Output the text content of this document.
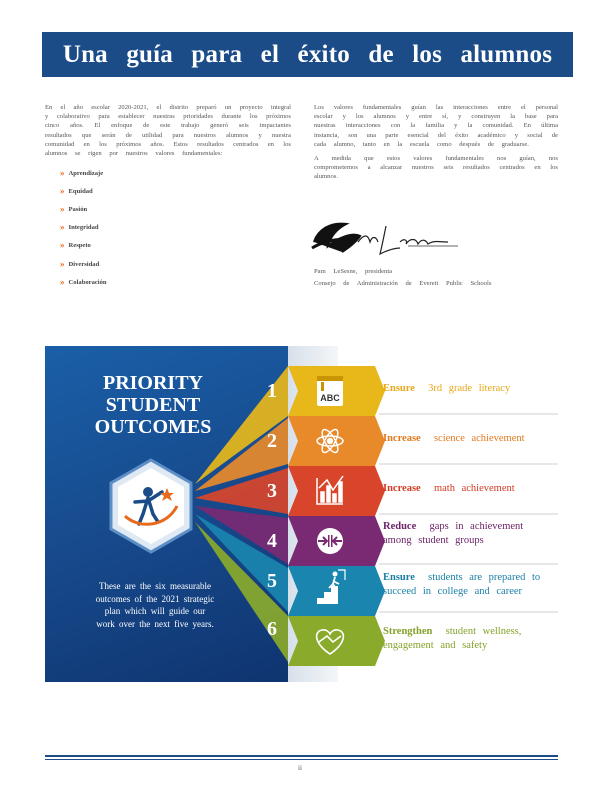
Una guía para el éxito de los alumnos

En el año escolar 2020-2021, el distrito preparó un proyecto integral y colaborativo para establecer nuestras prioridades durante los próximos cinco años. El enfoque de este trabajo generó seis impactantes resultados que serán de utilidad para nuestros alumnos y nuestra comunidad en los próximos años. Estos resultados centrados en los alumnos se rigen por nuestros valores fundamentales:

» Aprendizaje
» Equidad
» Pasión
» Integridad
» Respeto
» Diversidad
» Colaboración

Los valores fundamentales guían las interacciones entre el personal escolar y los alumnos y entre sí, y construyen la base para nuestras interacciones con la familia y la comunidad. En última instancia, son una parte esencial del éxito académico y social de cada alumno, tanto en la escuela como después de graduarse.

A medida que estos valores fundamentales nos guían, nos comprometemos a alcanzar nuestros seis resultados centrados en los alumnos.

Pam LeSesne, presidenta
Consejo de Administración de Everett Public Schools
ABC
1
2
3
4
5
6
PRIORITY
STUDENT
OUTCOMES
These are the six measurable outcomes of the 2021 strategic plan which will guide our work over the next five years.
Ensure 3rd grade literacy
Increase science achievement
Increase math achievement
Reduce gaps in achievement among student groups
Ensure students are prepared to succeed in college and career
Strengthen student wellness, engagement and safety
ii
